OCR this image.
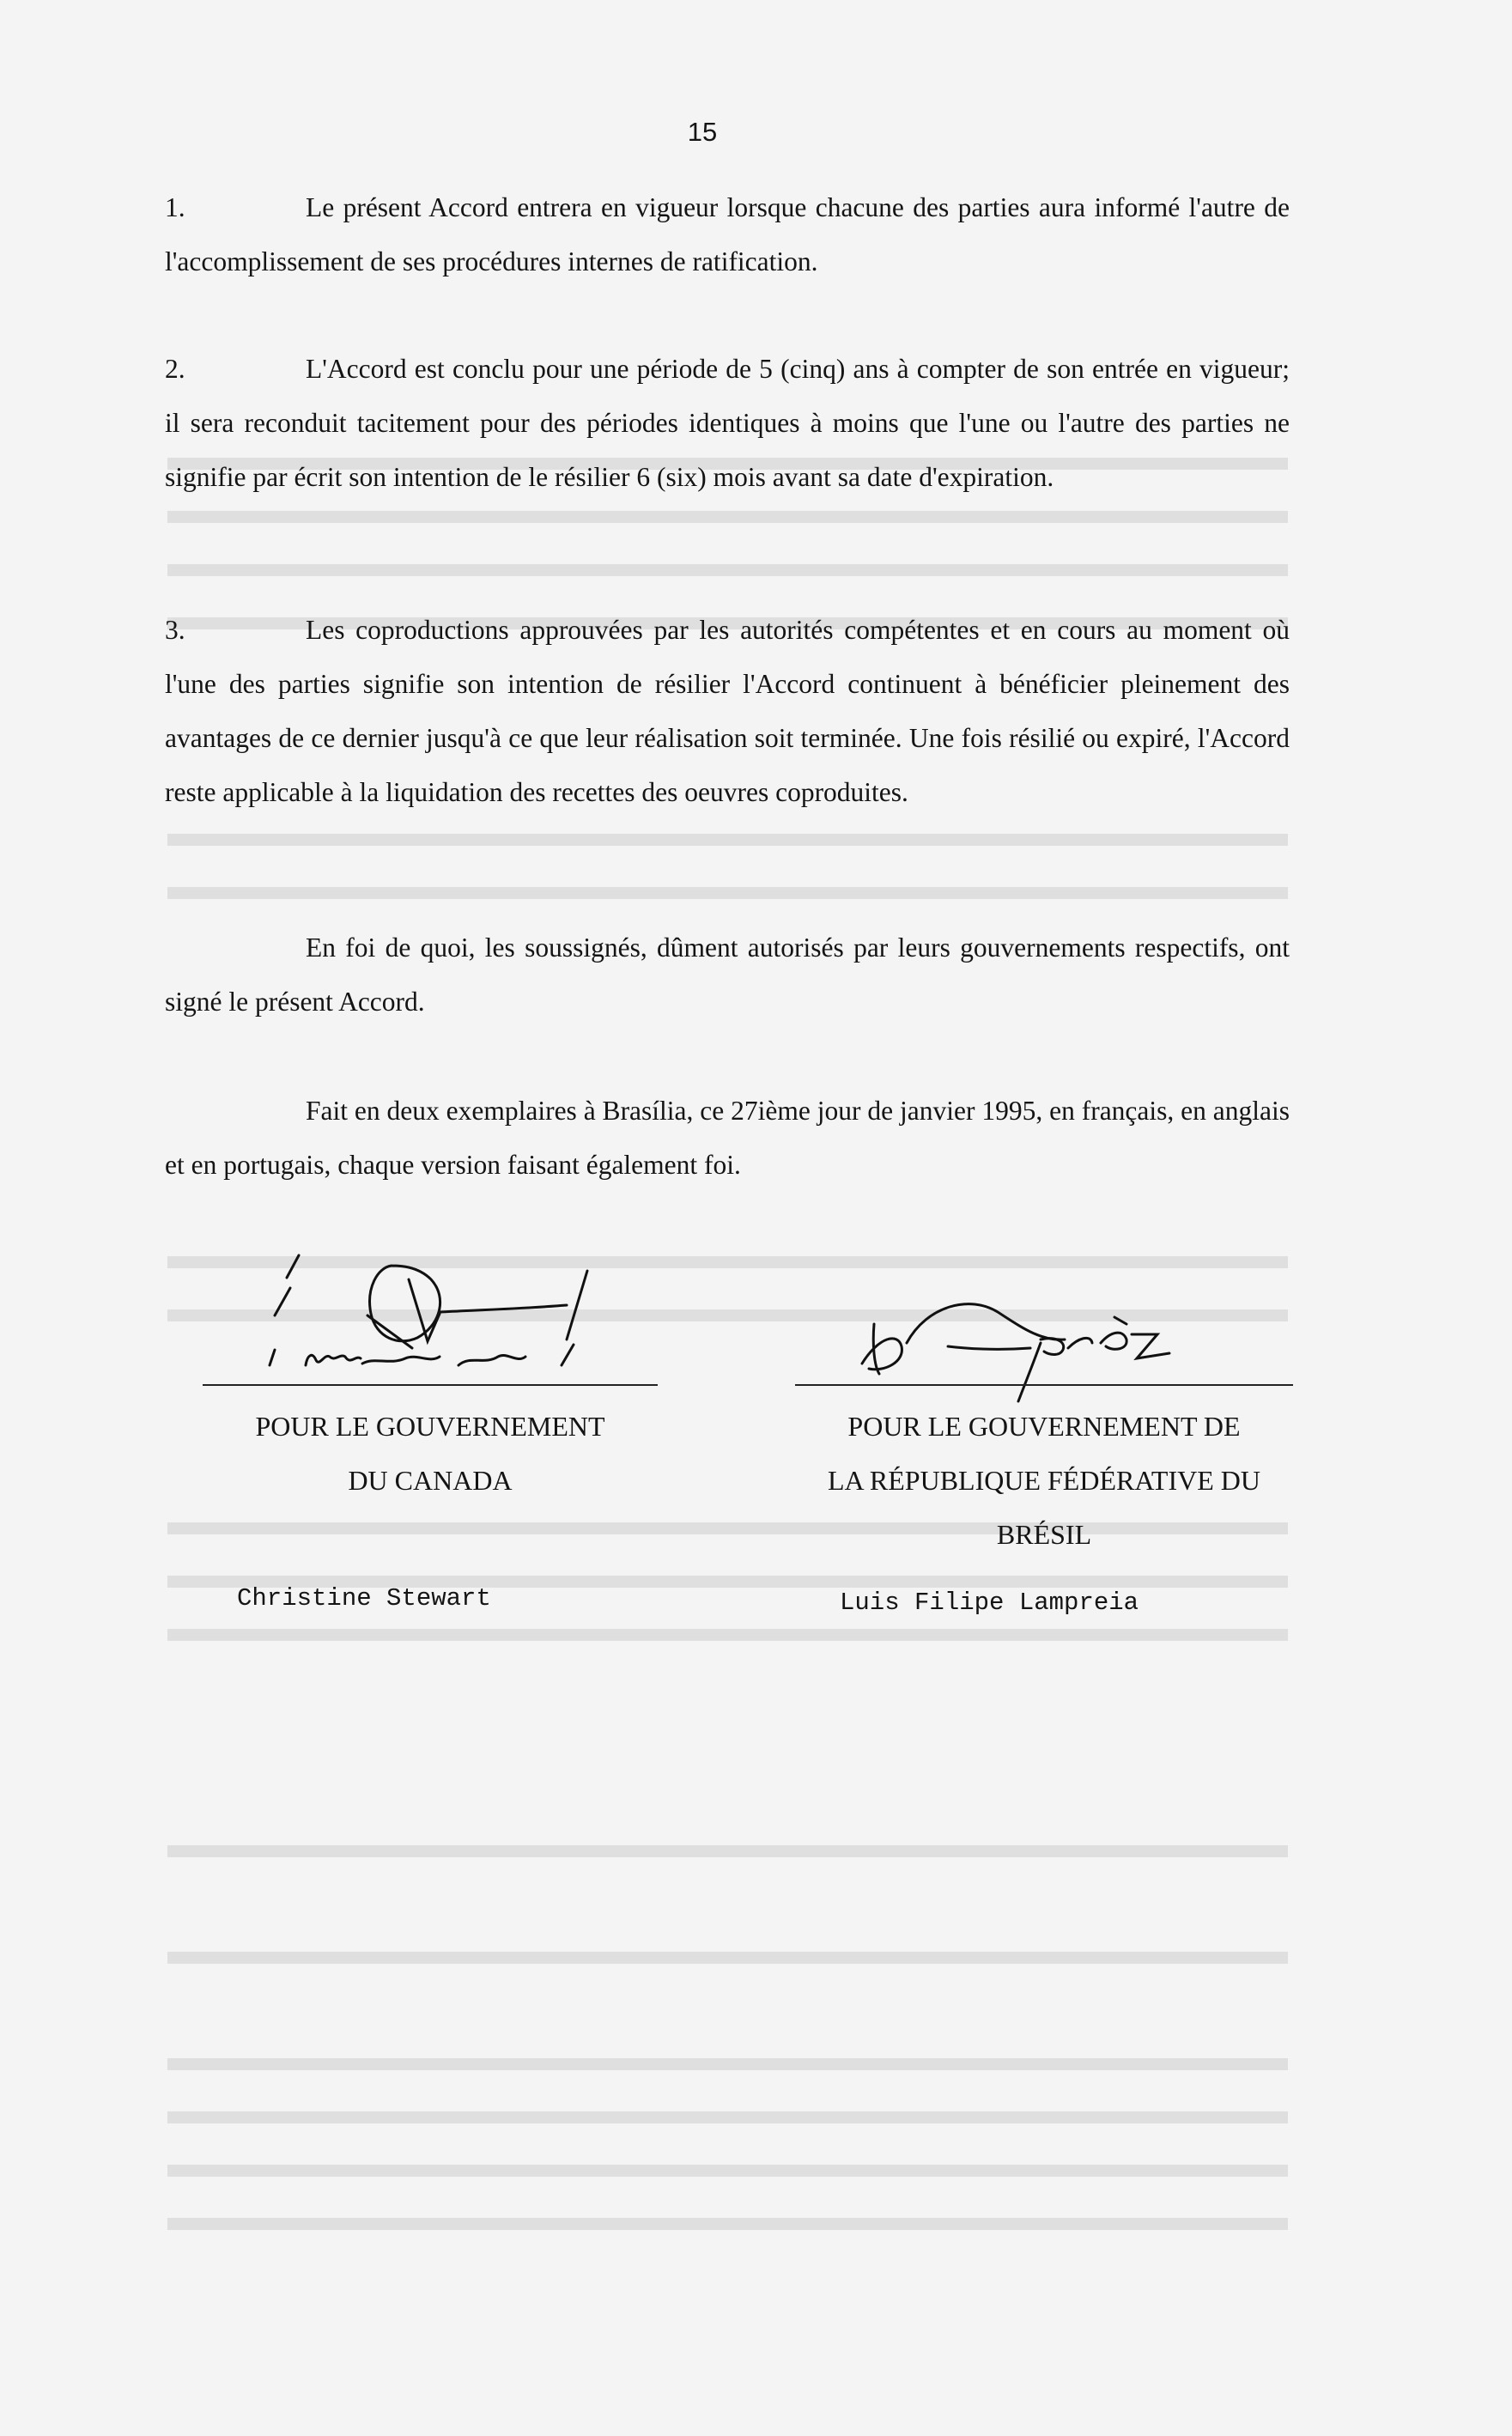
15

1.	Le présent Accord entrera en vigueur lorsque chacune des parties aura informé l'autre de l'accomplissement de ses procédures internes de ratification.

2.	L'Accord est conclu pour une période de 5 (cinq) ans à compter de son entrée en vigueur; il sera reconduit tacitement pour des périodes identiques à moins que l'une ou l'autre des parties ne signifie par écrit son intention de le résilier 6 (six) mois avant sa date d'expiration.

3.	Les coproductions approuvées par les autorités compétentes et en cours au moment où l'une des parties signifie son intention de résilier l'Accord continuent à bénéficier pleinement des avantages de ce dernier jusqu'à ce que leur réalisation soit terminée. Une fois résilié ou expiré, l'Accord reste applicable à la liquidation des recettes des oeuvres coproduites.

En foi de quoi, les soussignés, dûment autorisés par leurs gouvernements respectifs, ont signé le présent Accord.

Fait en deux exemplaires à Brasília, ce 27ième jour de janvier 1995, en français, en anglais et en portugais, chaque version faisant également foi.

POUR LE GOUVERNEMENT
DU CANADA
POUR LE GOUVERNEMENT DE
LA RÉPUBLIQUE FÉDÉRATIVE DU
BRÉSIL
Christine Stewart	Luis Filipe Lampreia
